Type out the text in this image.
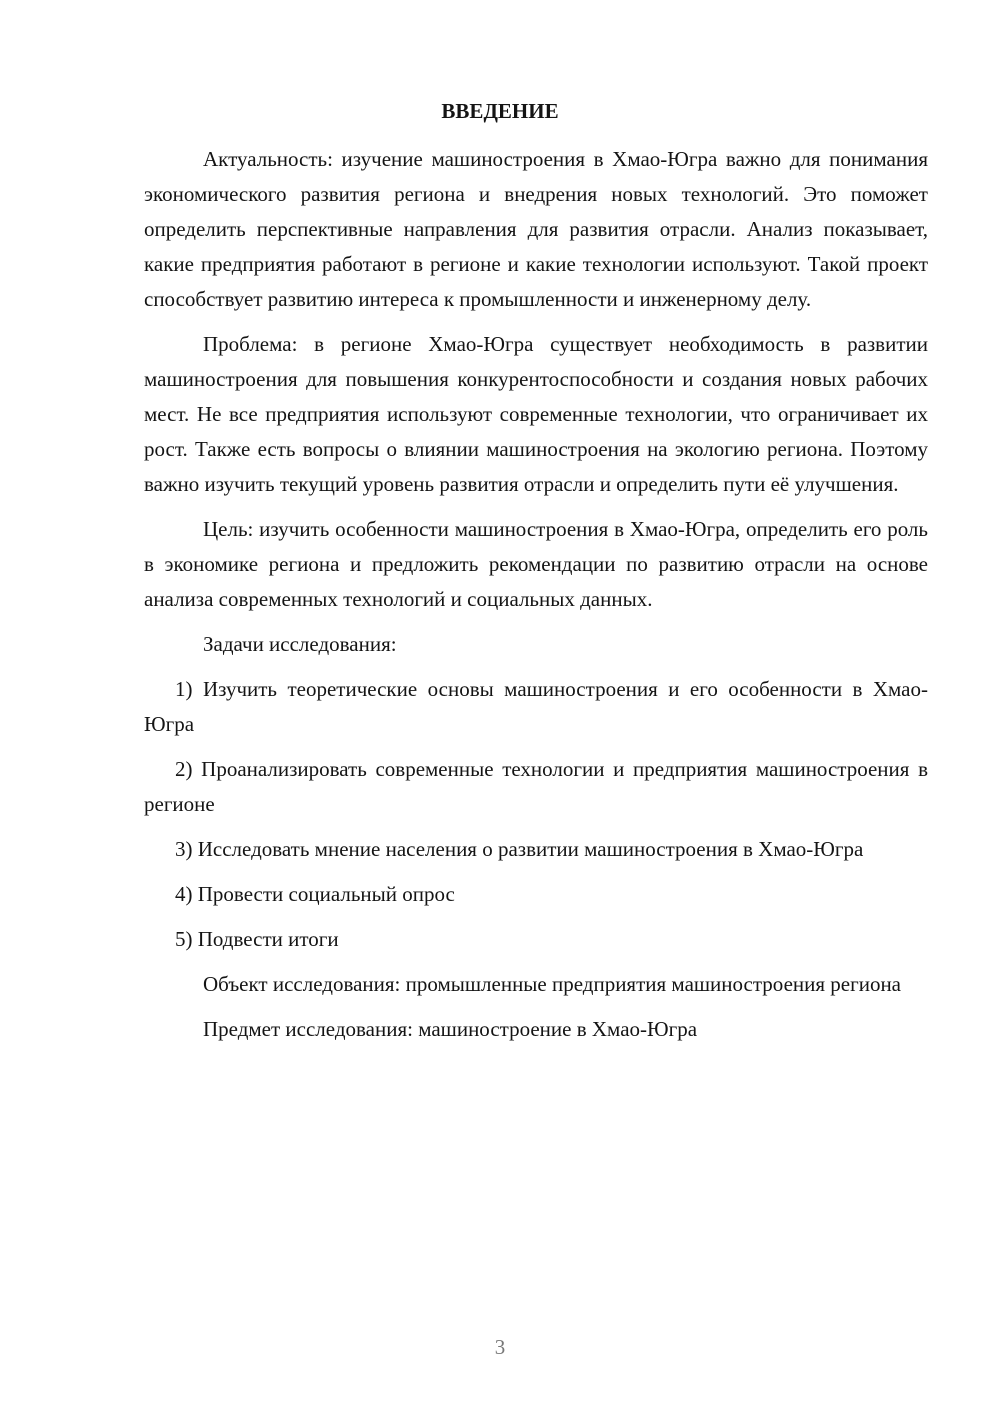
ВВЕДЕНИЕ

Актуальность: изучение машиностроения в Хмао-Югра важно для понимания экономического развития региона и внедрения новых технологий. Это поможет определить перспективные направления для развития отрасли. Анализ показывает, какие предприятия работают в регионе и какие технологии используют. Такой проект способствует развитию интереса к промышленности и инженерному делу.

Проблема: в регионе Хмао-Югра существует необходимость в развитии машиностроения для повышения конкурентоспособности и создания новых рабочих мест. Не все предприятия используют современные технологии, что ограничивает их рост. Также есть вопросы о влиянии машиностроения на экологию региона. Поэтому важно изучить текущий уровень развития отрасли и определить пути её улучшения.

Цель: изучить особенности машиностроения в Хмао-Югра, определить его роль в экономике региона и предложить рекомендации по развитию отрасли на основе анализа современных технологий и социальных данных.

Задачи исследования:

1) Изучить теоретические основы машиностроения и его особенности в Хмао-Югра

2) Проанализировать современные технологии и предприятия машиностроения в регионе

3) Исследовать мнение населения о развитии машиностроения в Хмао-Югра

4) Провести социальный опрос

5) Подвести итоги

Объект исследования: промышленные предприятия машиностроения региона

Предмет исследования: машиностроение в Хмао-Югра

3
